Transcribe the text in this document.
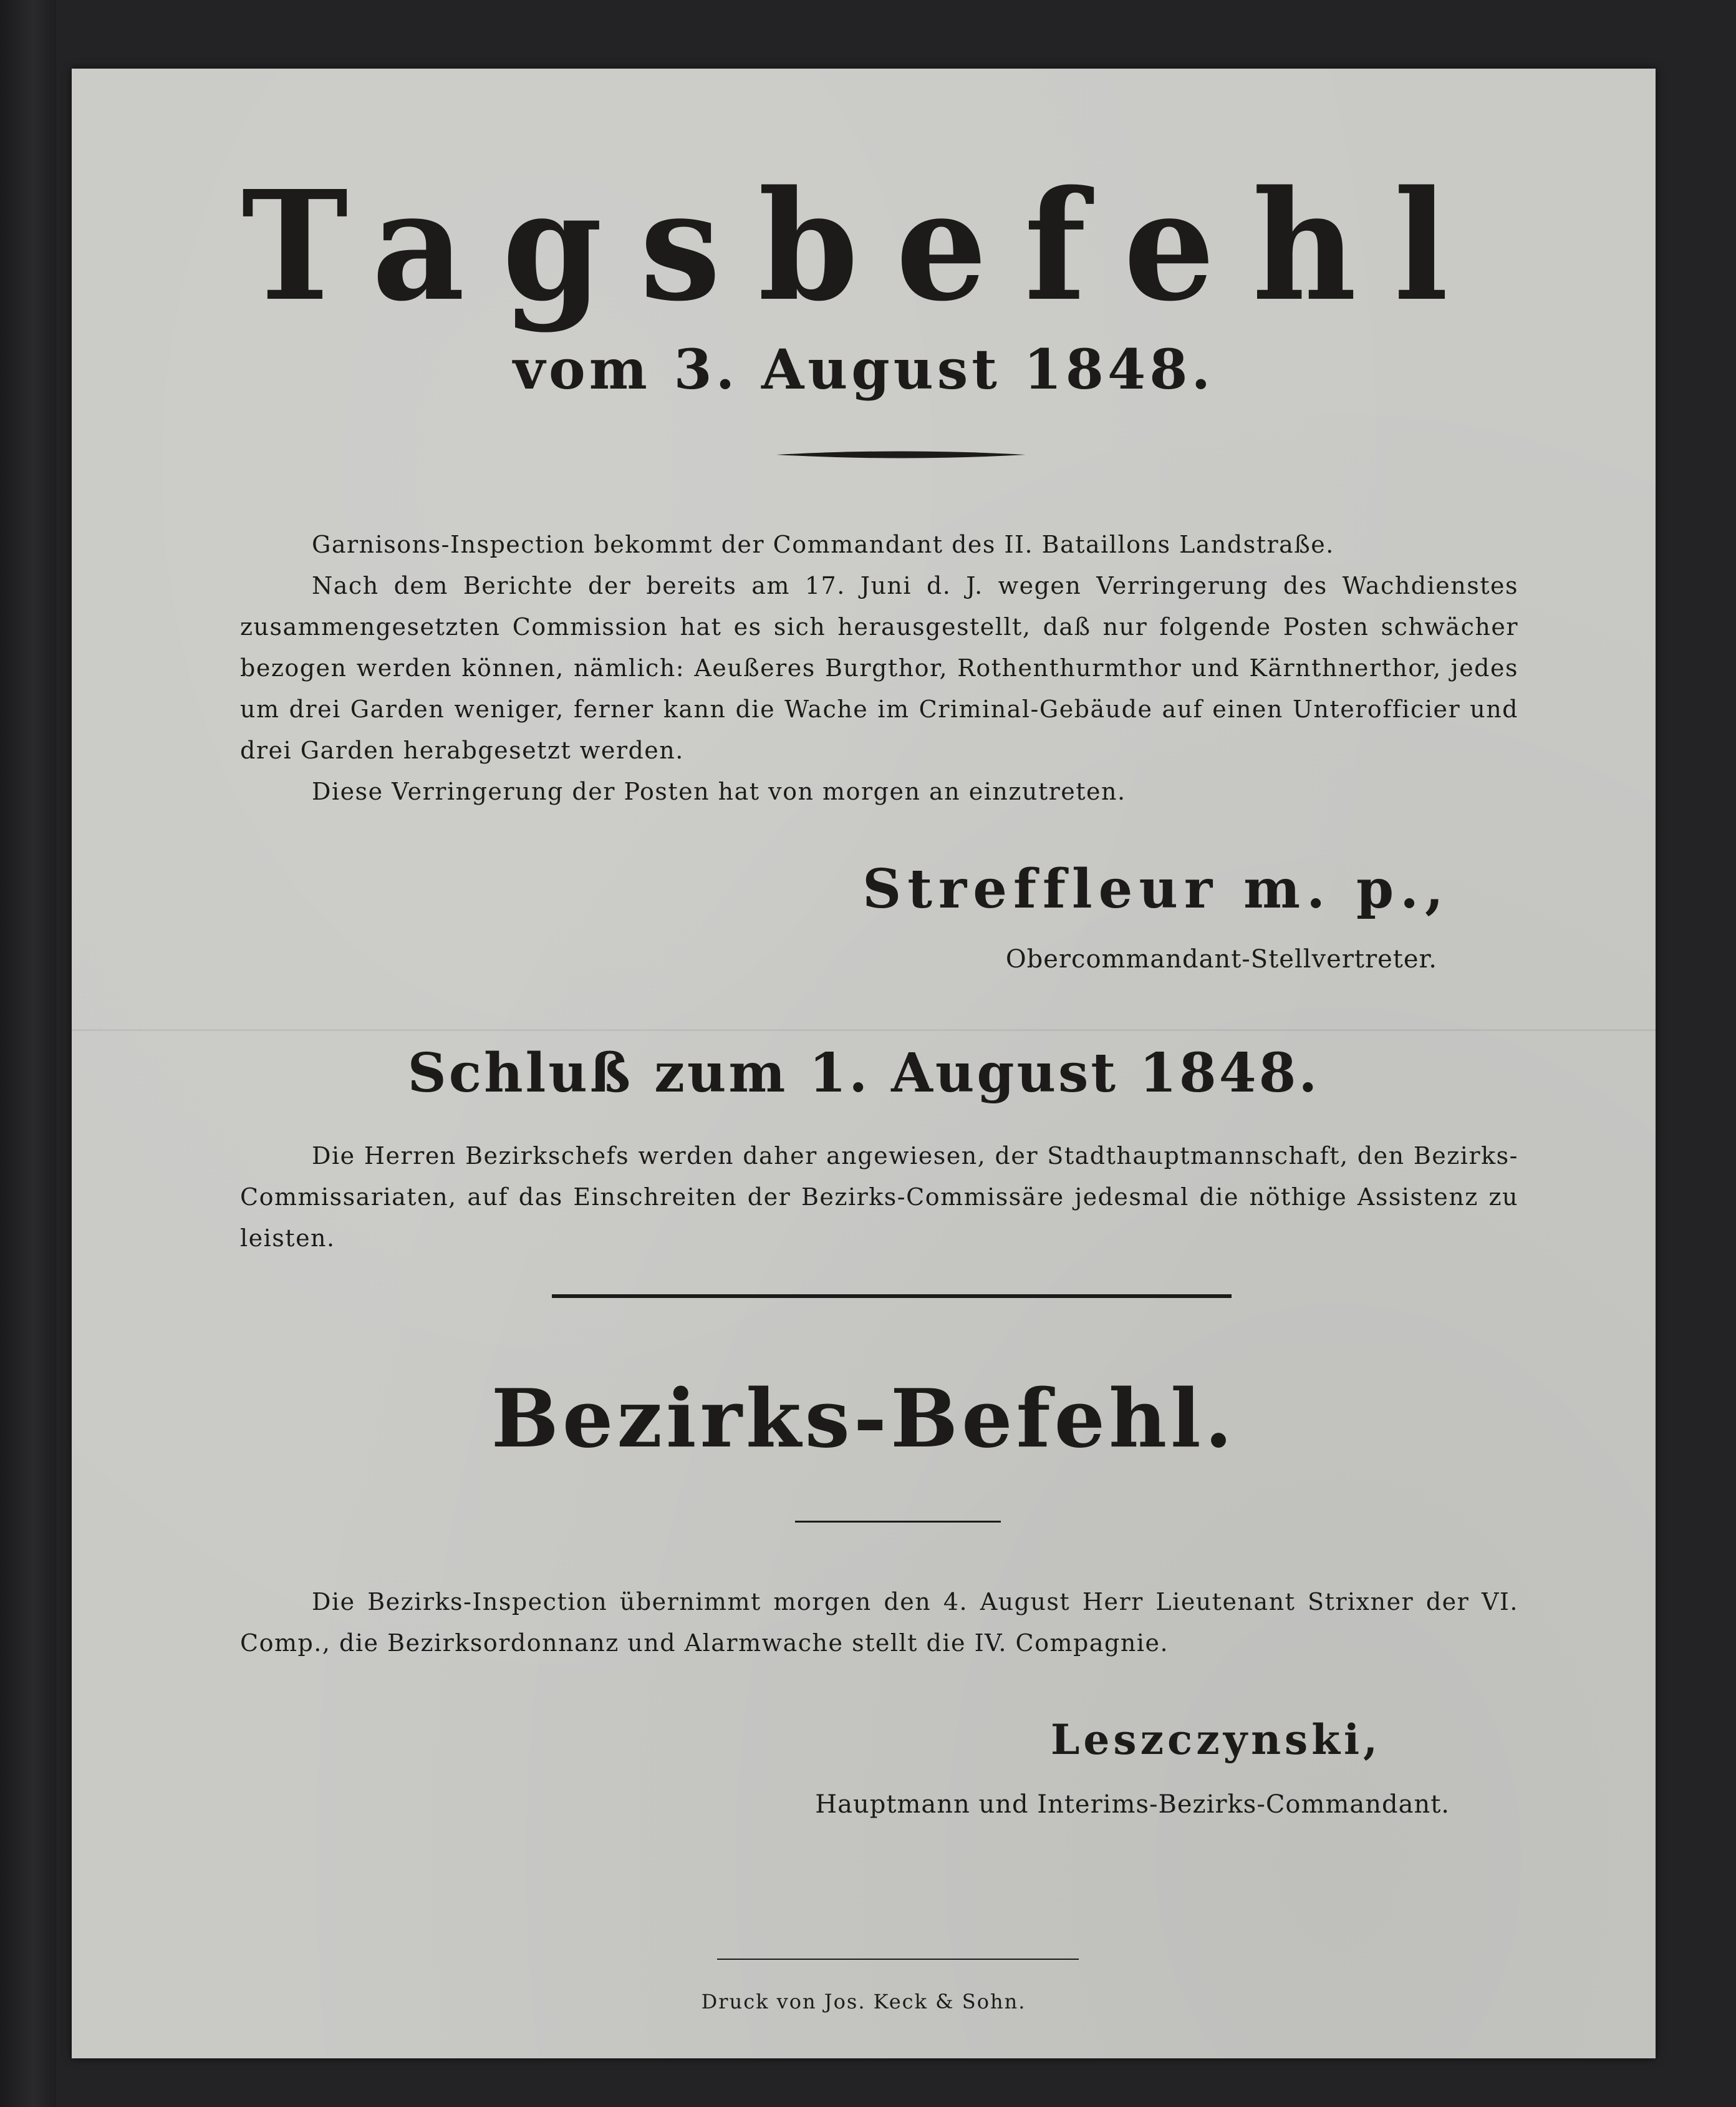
Tagsbefehl
vom 3. August 1848.
Garnisons-Inspection bekommt der Commandant des II. Bataillons Landstraße.
Nach dem Berichte der bereits am 17. Juni d. J. wegen Verringerung des Wachdienstes zusammengesetzten Commission hat es sich herausgestellt, daß nur folgende Posten schwächer bezogen werden können, nämlich: Aeußeres Burgthor, Rothenthurmthor und Kärnthnerthor, jedes um drei Garden weniger, ferner kann die Wache im Criminal-Gebäude auf einen Unterofficier und drei Garden herabgesetzt werden.
Diese Verringerung der Posten hat von morgen an einzutreten.
Streffleur m. p.,
Obercommandant-Stellvertreter.
Schluß zum 1. August 1848.
Die Herren Bezirkschefs werden daher angewiesen, der Stadthauptmannschaft, den Bezirks-Commissariaten, auf das Einschreiten der Bezirks-Commissäre jedesmal die nöthige Assistenz zu leisten.
Bezirks-Befehl.
Die Bezirks-Inspection übernimmt morgen den 4. August Herr Lieutenant Strixner der VI. Comp., die Bezirksordonnanz und Alarmwache stellt die IV. Compagnie.
Leszczynski,
Hauptmann und Interims-Bezirks-Commandant.
Druck von Jos. Keck & Sohn.
